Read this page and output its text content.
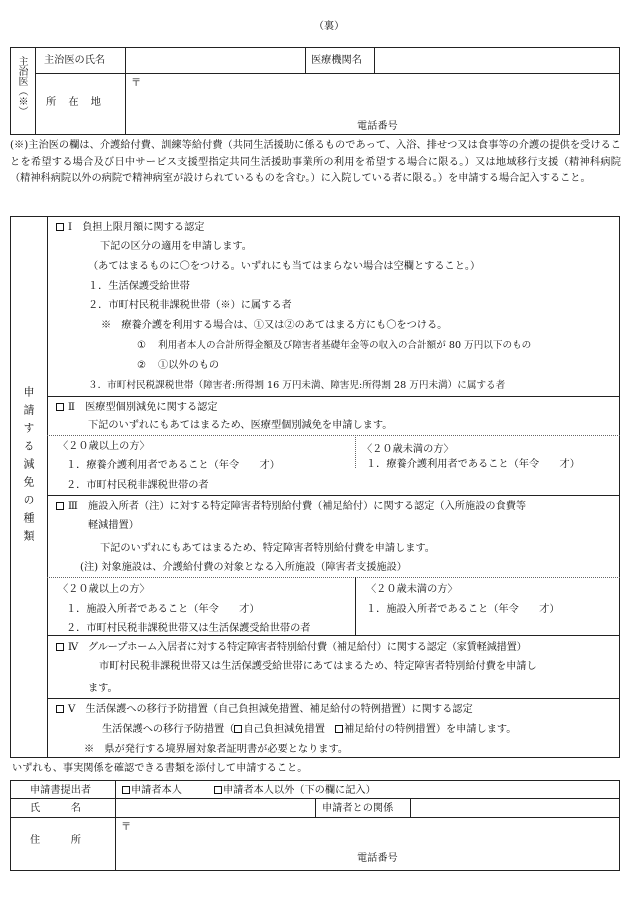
（裏）
主治医（※） 主治医の氏名	医療機関名
所　在　地
〒
電話番号
(※)主治医の欄は、介護給付費、訓練等給付費（共同生活援助に係るものであって、入浴、排せつ又は食事等の介護の提供を受けることを希望する場合及び日中サービス支援型指定共同生活援助事業所の利用を希望する場合に限る。）又は地域移行支援（精神科病院（精神科病院以外の病院で精神病室が設けられているものを含む。）に入院している者に限る。）を申請する場合記入すること。
申請する減免の種類
Ⅰ　負担上限月額に関する認定
下記の区分の適用を申請します。
（あてはまるものに〇をつける。いずれにも当てはまらない場合は空欄とすること。）
１．生活保護受給世帯
２．市町村民税非課税世帯（※）に属する者
※　療養介護を利用する場合は、①又は②のあてはまる方にも〇をつける。
① 利用者本人の合計所得金額及び障害者基礎年金等の収入の合計額が 80 万円以下のもの
② ①以外のもの
３．市町村民税課税世帯（障害者:所得割 16 万円未満、障害児:所得割 28 万円未満）に属する者
Ⅱ　医療型個別減免に関する認定
下記のいずれにもあてはまるため、医療型個別減免を申請します。
〈２０歳以上の方〉
１．療養介護利用者であること（年令　　才）
２．市町村民税非課税世帯の者
〈２０歳未満の方〉
１．療養介護利用者であること（年令　　才）
Ⅲ　施設入所者（注）に対する特定障害者特別給付費（補足給付）に関する認定（入所施設の食費等
軽減措置）
下記のいずれにもあてはまるため、特定障害者特別給付費を申請します。
(注) 対象施設は、介護給付費の対象となる入所施設（障害者支援施設）
〈２０歳以上の方〉
１．施設入所者であること（年令　　才）
２．市町村民税非課税世帯又は生活保護受給世帯の者
〈２０歳未満の方〉
１．施設入所者であること（年令　　才）
Ⅳ　グループホーム入居者に対する特定障害者特別給付費（補足給付）に関する認定（家賃軽減措置）
市町村民税非課税世帯又は生活保護受給世帯にあてはまるため、特定障害者特別給付費を申請し
ます。
Ⅴ　生活保護への移行予防措置（自己負担減免措置、補足給付の特例措置）に関する認定
生活保護への移行予防措置（ 自己負担減免措置　 補足給付の特例措置）を申請します。
※　県が発行する境界層対象者証明書が必要となります。
いずれも、事実関係を確認できる書類を添付して申請すること。
申請書提出者	申請者本人	申請者本人以外（下の欄に記入）
氏　　　名	申請者との関係
住　　　所
〒
電話番号
